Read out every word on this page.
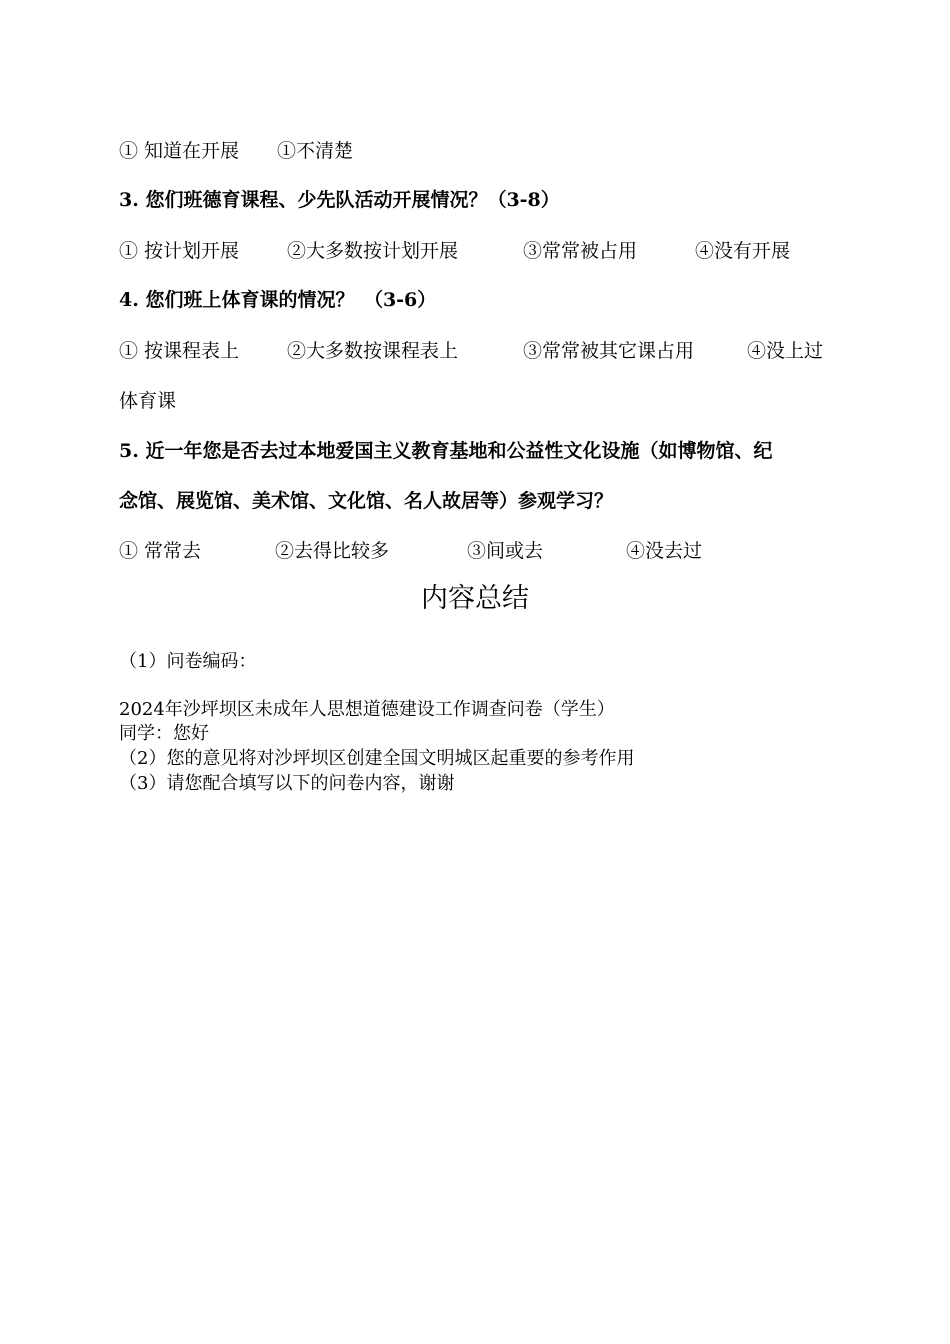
① 知道在开展 ①不清楚
3. 您们班德育课程、少先队活动开展情况？（3-8）
① 按计划开展	②大多数按计划开展	③常常被占用	④没有开展
4. 您们班上体育课的情况？　（3-6）
① 按课程表上	②大多数按课程表上	③常常被其它课占用	④没上过
体育课
5. 近一年您是否去过本地爱国主义教育基地和公益性文化设施（如博物馆、纪
念馆、展览馆、美术馆、文化馆、名人故居等）参观学习？
① 常常去	②去得比较多	③间或去	④没去过
内容总结
（1）问卷编码：
2024年沙坪坝区未成年人思想道德建设工作调查问卷（学生）
同学：您好
（2）您的意见将对沙坪坝区创建全国文明城区起重要的参考作用
（3）请您配合填写以下的问卷内容，谢谢
